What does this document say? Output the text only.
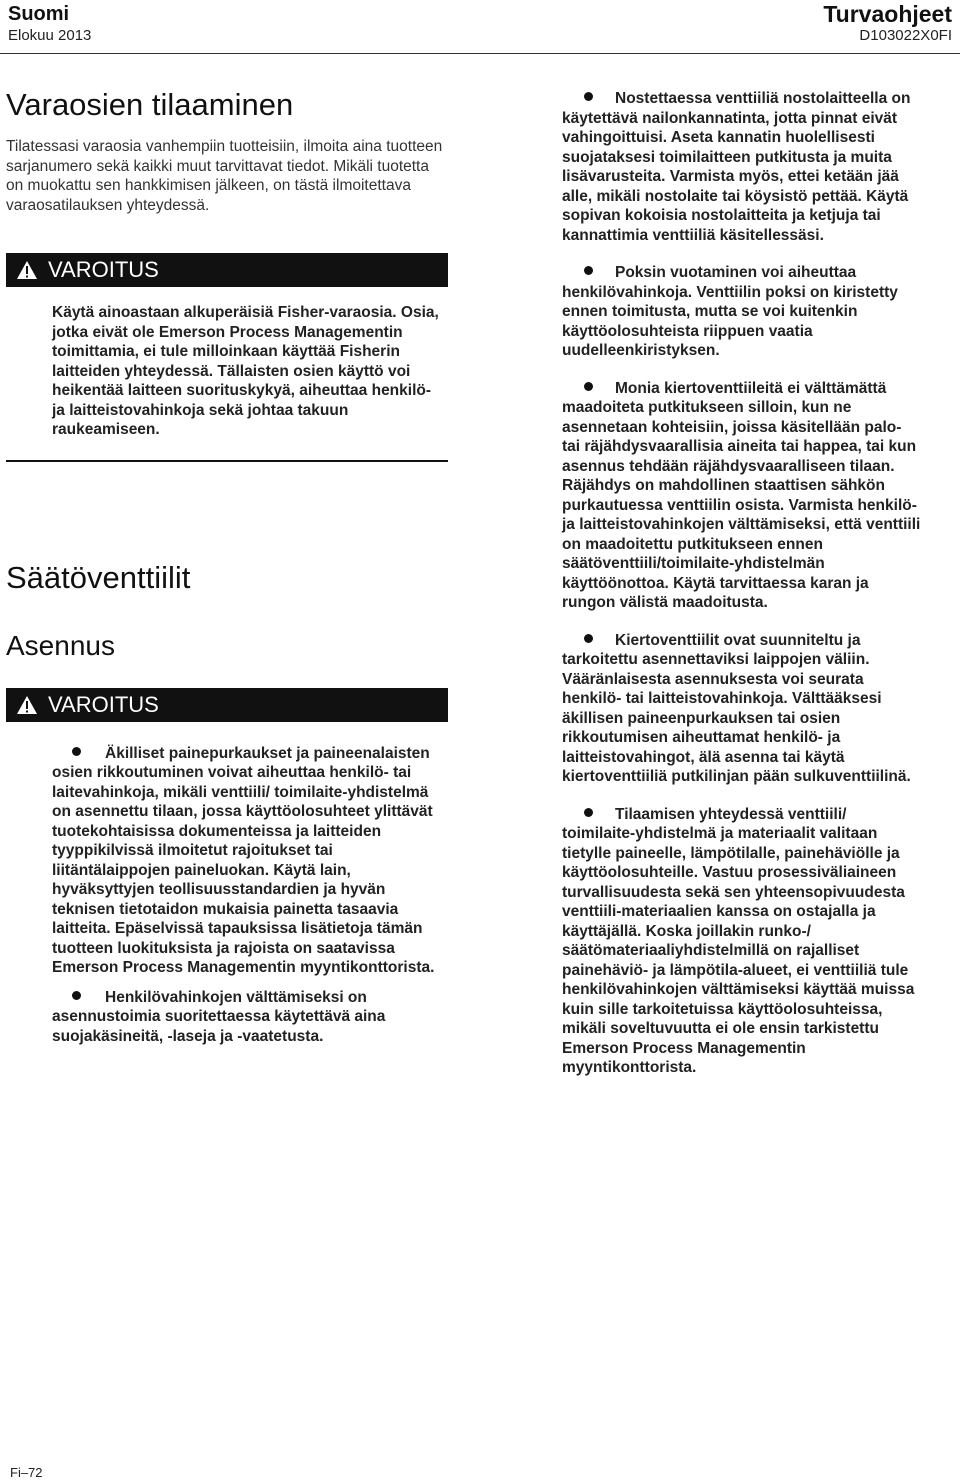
Suomi
Elokuu 2013
Turvaohjeet
D103022X0FI
Varaosien tilaaminen

Tilatessasi varaosia vanhempiin tuotteisiin, ilmoita aina tuotteen sarjanumero sekä kaikki muut tarvittavat tiedot. Mikäli tuotetta on muokattu sen hankkimisen jälkeen, on tästä ilmoitettava varaosatilauksen yhteydessä.

VAROITUS
Käytä ainoastaan alkuperäisiä Fisher-varaosia. Osia, jotka eivät ole Emerson Process Managementin toimittamia, ei tule milloinkaan käyttää Fisherin laitteiden yhteydessä. Tällaisten osien käyttö voi heikentää laitteen suorituskykyä, aiheuttaa henkilö- ja laitteistovahinkoja sekä johtaa takuun raukeamiseen.
Säätöventtiilit
Asennus
VAROITUS
Äkilliset painepurkaukset ja paineenalaisten osien rikkoutuminen voivat aiheuttaa henkilö- tai laitevahinkoja, mikäli venttiili/ toimilaite-yhdistelmä on asennettu tilaan, jossa käyttöolosuhteet ylittävät tuotekohtaisissa dokumenteissa ja laitteiden tyyppikilvissä ilmoitetut rajoitukset tai liitäntälaippojen paineluokan. Käytä lain, hyväksyttyjen teollisuusstandardien ja hyvän teknisen tietotaidon mukaisia painetta tasaavia laitteita. Epäselvissä tapauksissa lisätietoja tämän tuotteen luokituksista ja rajoista on saatavissa Emerson Process Managementin myyntikonttorista.
Henkilövahinkojen välttämiseksi on asennustoimia suoritettaessa käytettävä aina suojakäsineitä, -laseja ja -vaatetusta.
Nostettaessa venttiiliä nostolaitteella on käytettävä nailonkannatinta, jotta pinnat eivät vahingoittuisi. Aseta kannatin huolellisesti suojataksesi toimilaitteen putkitusta ja muita lisävarusteita. Varmista myös, ettei ketään jää alle, mikäli nostolaite tai köysistö pettää. Käytä sopivan kokoisia nostolaitteita ja ketjuja tai kannattimia venttiiliä käsitellessäsi.
Poksin vuotaminen voi aiheuttaa henkilövahinkoja. Venttiilin poksi on kiristetty ennen toimitusta, mutta se voi kuitenkin käyttöolosuhteista riippuen vaatia uudelleenkiristyksen.
Monia kiertoventtiileitä ei välttämättä maadoiteta putkitukseen silloin, kun ne asennetaan kohteisiin, joissa käsitellään palo- tai räjähdysvaarallisia aineita tai happea, tai kun asennus tehdään räjähdysvaaralliseen tilaan. Räjähdys on mahdollinen staattisen sähkön purkautuessa venttiilin osista. Varmista henkilö- ja laitteistovahinkojen välttämiseksi, että venttiili on maadoitettu putkitukseen ennen säätöventtiili/toimilaite-yhdistelmän käyttöönottoa. Käytä tarvittaessa karan ja rungon välistä maadoitusta.
Kiertoventtiilit ovat suunniteltu ja tarkoitettu asennettaviksi laippojen väliin. Vääränlaisesta asennuksesta voi seurata henkilö- tai laitteistovahinkoja. Välttääksesi äkillisen paineenpurkauksen tai osien rikkoutumisen aiheuttamat henkilö- ja laitteistovahingot, älä asenna tai käytä kiertoventtiiliä putkilinjan pään sulkuventtiilinä.
Tilaamisen yhteydessä venttiili/ toimilaite-yhdistelmä ja materiaalit valitaan tietylle paineelle, lämpötilalle, painehäviölle ja käyttöolosuhteille. Vastuu prosessiväliaineen turvallisuudesta sekä sen yhteensopivuudesta venttiili-materiaalien kanssa on ostajalla ja käyttäjällä. Koska joillakin runko-/ säätömateriaaliyhdistelmillä on rajalliset painehäviö- ja lämpötila-alueet, ei venttiiliä tule henkilövahinkojen välttämiseksi käyttää muissa kuin sille tarkoitetuissa käyttöolosuhteissa, mikäli soveltuvuutta ei ole ensin tarkistettu Emerson Process Managementin myyntikonttorista.
Fi–72
